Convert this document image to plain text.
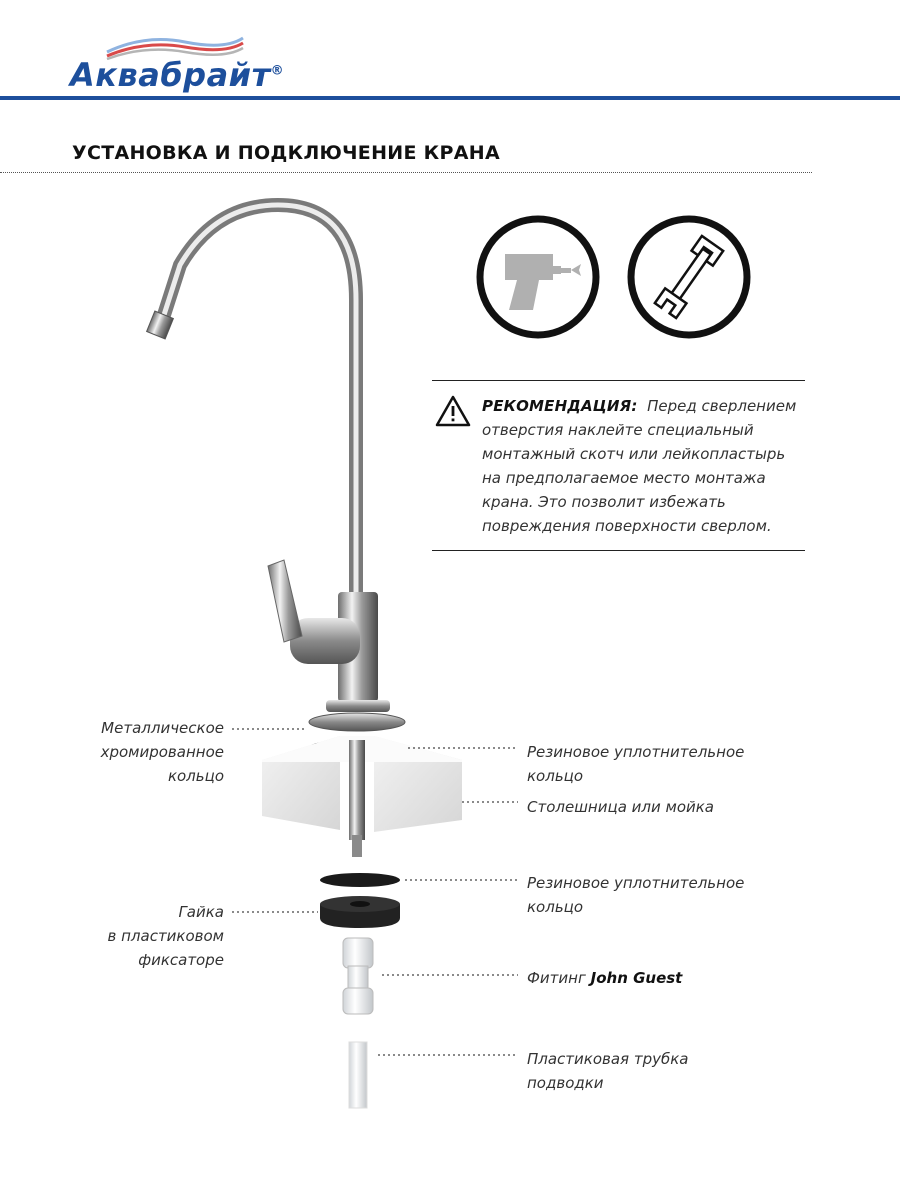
Аквабрайт®
УСТАНОВКА И ПОДКЛЮЧЕНИЕ КРАНА
РЕКОМЕНДАЦИЯ: Перед сверлением
отверстия наклейте специальный
монтажный скотч или лейкопластырь
на предполагаемое место монтажа
крана. Это позволит избежать
повреждения поверхности сверлом.
Металлическое
хромированное
кольцо
Резиновое уплотнительное
кольцо
Столешница или мойка
Резиновое уплотнительное
кольцо
Гайка
в пластиковом
фиксаторе
Фитинг John Guest
Пластиковая трубка
подводки
